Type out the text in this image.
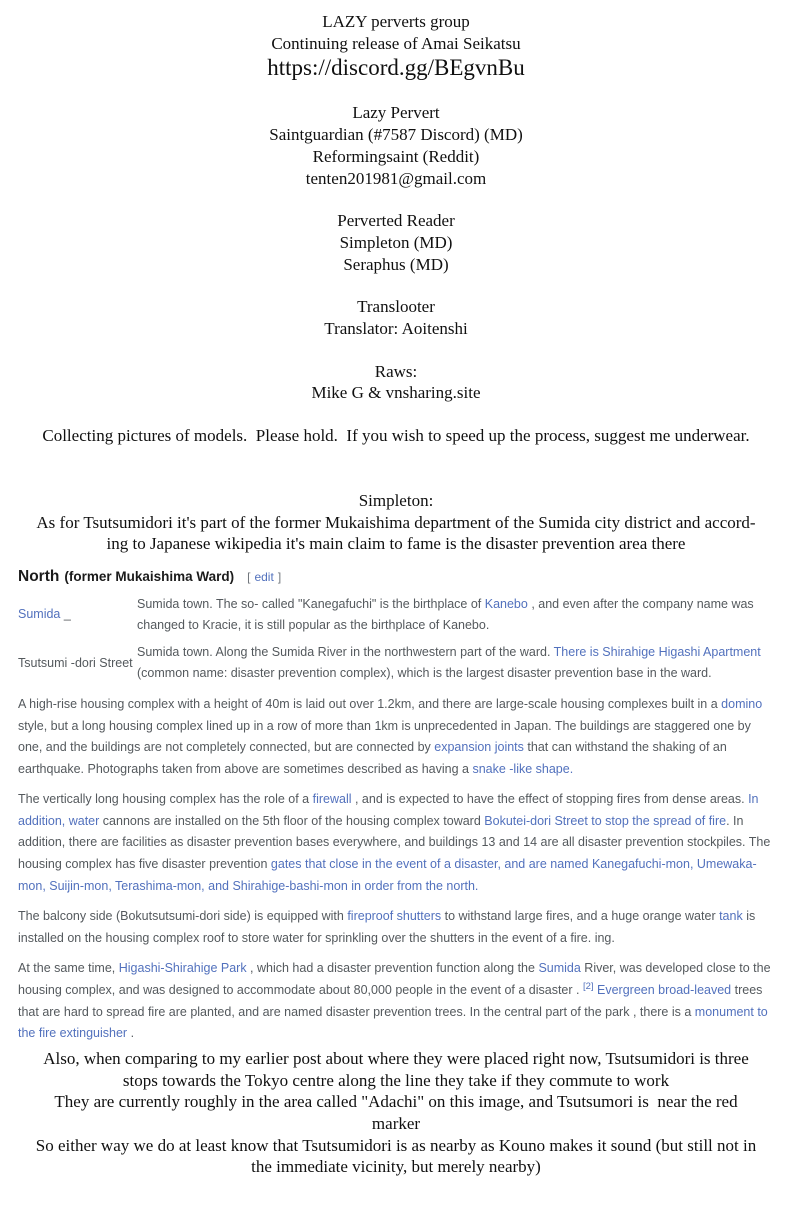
LAZY perverts group
Continuing release of Amai Seikatsu
https://discord.gg/BEgvnBu
Lazy Pervert
Saintguardian (#7587 Discord) (MD)
Reformingsaint (Reddit)
tenten201981@gmail.com
Perverted Reader
Simpleton (MD)
Seraphus (MD)
Translooter
Translator: Aoitenshi
Raws:
Mike G & vnsharing.site
Collecting pictures of models.  Please hold.  If you wish to speed up the process, suggest me underwear.
Simpleton:
As for Tsutsumidori it's part of the former Mukaishima department of the Sumida city district and accord-
ing to Japanese wikipedia it's main claim to fame is the disaster prevention area there
North (former Mukaishima Ward) [ edit ]
Sumida _
Sumida town. The so- called "Kanegafuchi" is the birthplace of Kanebo , and even after the company name was changed to Kracie, it is still popular as the birthplace of Kanebo.
Tsutsumi -dori Street
Sumida town. Along the Sumida River in the northwestern part of the ward. There is Shirahige Higashi Apartment (common name: disaster prevention complex), which is the largest disaster prevention base in the ward.
A high-rise housing complex with a height of 40m is laid out over 1.2km, and there are large-scale housing complexes built in a domino style, but a long housing complex lined up in a row of more than 1km is unprecedented in Japan. The buildings are staggered one by one, and the buildings are not completely connected, but are connected by expansion joints that can withstand the shaking of an earthquake. Photographs taken from above are sometimes described as having a snake -like shape.
The vertically long housing complex has the role of a firewall , and is expected to have the effect of stopping fires from dense areas. In addition, water cannons are installed on the 5th floor of the housing complex toward Bokutei-dori Street to stop the spread of fire. In addition, there are facilities as disaster prevention bases everywhere, and buildings 13 and 14 are all disaster prevention stockpiles. The housing complex has five disaster prevention gates that close in the event of a disaster, and are named Kanegafuchi-mon, Umewaka-mon, Suijin-mon, Terashima-mon, and Shirahige-bashi-mon in order from the north.
The balcony side (Bokutsutsumi-dori side) is equipped with fireproof shutters to withstand large fires, and a huge orange water tank is installed on the housing complex roof to store water for sprinkling over the shutters in the event of a fire. ing.
At the same time, Higashi-Shirahige Park , which had a disaster prevention function along the Sumida River, was developed close to the housing complex, and was designed to accommodate about 80,000 people in the event of a disaster . [2] Evergreen broad-leaved trees that are hard to spread fire are planted, and are named disaster prevention trees. In the central part of the park , there is a monument to the fire extinguisher .
Also, when comparing to my earlier post about where they were placed right now, Tsutsumidori is three
stops towards the Tokyo centre along the line they take if they commute to work
They are currently roughly in the area called "Adachi" on this image, and Tsutsumori is  near the red
marker
So either way we do at least know that Tsutsumidori is as nearby as Kouno makes it sound (but still not in
the immediate vicinity, but merely nearby)
